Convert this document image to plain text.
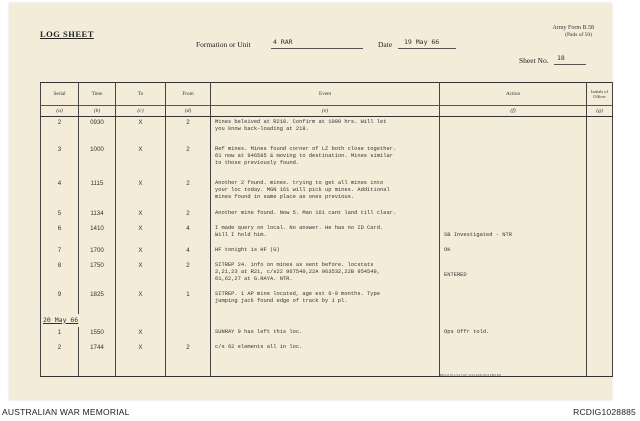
LOG SHEET
Army Form B.58
(Pads of 50)
Formation or Unit	4 RAR	Date 19 May 66
Sheet No. 18
Serial	Time	To	From	Event	Action	Initials of Officer
(a)	(b)	(c)	(d)	(e)	(f)	(g)
2	0930	X	2	Mines beleived at R218. Confirm at 1000 hrs. Will let
you know back-loading at 218.		
3	1000	X	2	Ref mines. Mines found corner of LZ both close together.
61 now at 946585 & moving to destination. Mines similar
to those previously found.		
4	1115	X	2	Another 2 found. mines. trying to get all mines into
your loc today. MGN 161 will pick up mines. Additional
mines found in same place as ones previous.		
5	1134	X	2	Another mine found. Now 5. Man 161 cant land till clear.		
6	1410	X	4	I made query on local. No answer. He has no ID Card.
Will I hold him.	SB Investigated - NTR	
7	1700	X	4	HF tonight is HF (G)	OK	
8	1750	X	2	SITREP 24. info on mines as sent before. locstats
2,21,23 at R21, c/s22 967540,22A 963532,22B 954549,
61,62,27 at G.RAYA. NTR.	ENTERED	
9	1825	X	1	SITREP. 1 AP mine located, age est 6-9 months. Type
jumping jack found edge of track by 1 pl.		
20 May 66						
1	1550	X		SUNRAY 9 has left this loc.	Ops Offr told.	
2	1744	X	2	c/s 62 elements all in loc.		

BK11176 1/54 3107 1156 Pads 85/4 FRS 8/6
AUSTRALIAN WAR MEMORIAL	RCDIG1028885
